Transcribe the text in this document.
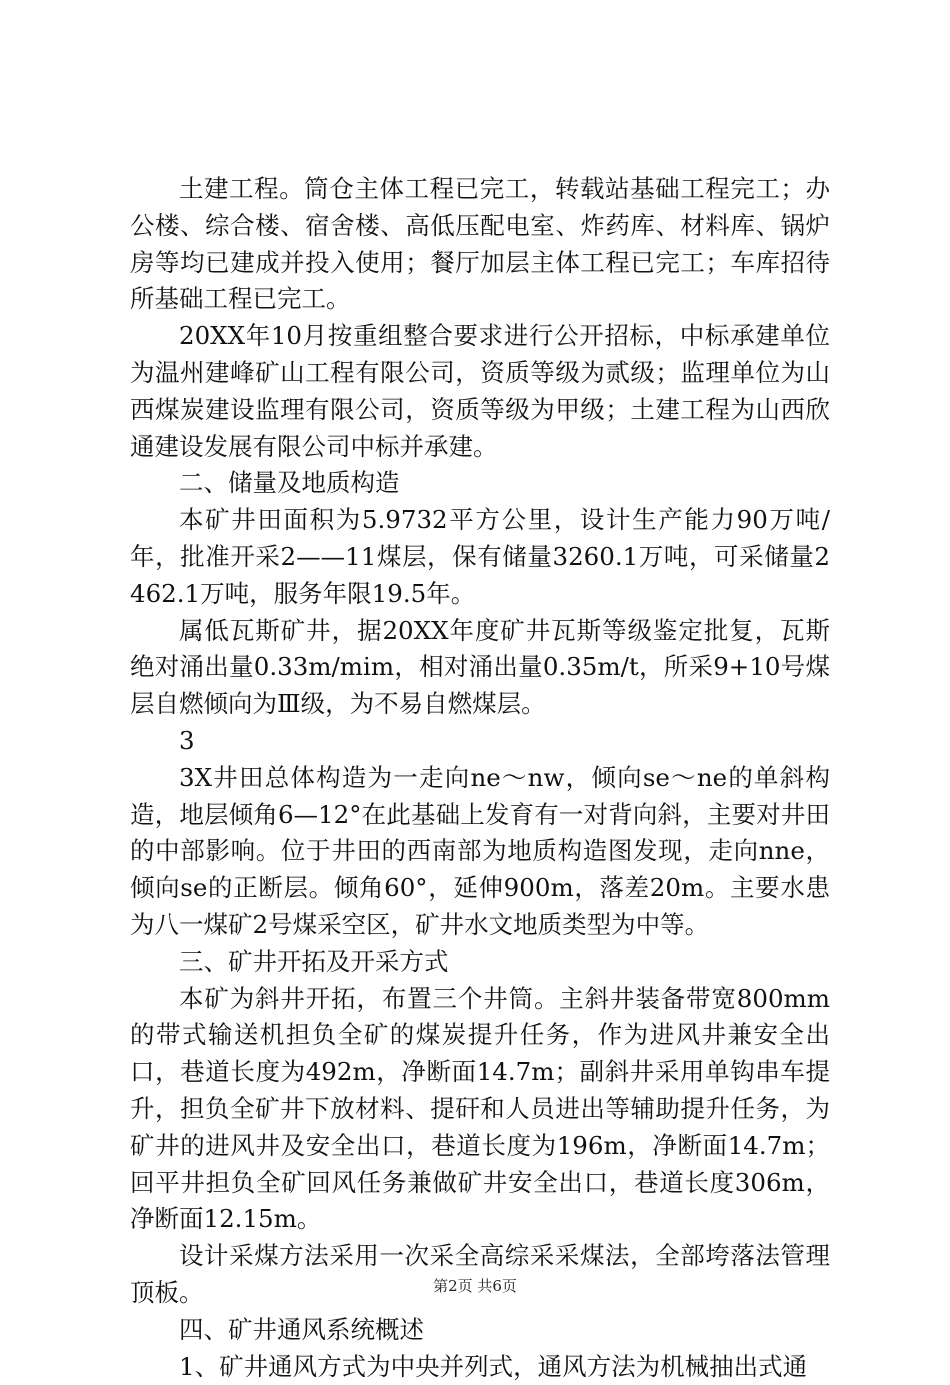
土建工程。筒仓主体工程已完工，转载站基础工程完工；办公楼、综合楼、宿舍楼、高低压配电室、炸药库、材料库、锅炉房等均已建成并投入使用；餐厅加层主体工程已完工；车库招待所基础工程已完工。

20XX年10月按重组整合要求进行公开招标，中标承建单位为温州建峰矿山工程有限公司，资质等级为贰级；监理单位为山西煤炭建设监理有限公司，资质等级为甲级；土建工程为山西欣通建设发展有限公司中标并承建。

二、储量及地质构造

本矿井田面积为5.9732平方公里，设计生产能力90万吨/年，批准开采2——11煤层，保有储量3260.1万吨，可采储量2462.1万吨，服务年限19.5年。

属低瓦斯矿井，据20XX年度矿井瓦斯等级鉴定批复，瓦斯绝对涌出量0.33m/mim，相对涌出量0.35m/t，所采9+10号煤层自燃倾向为Ⅲ级，为不易自燃煤层。

3

3X井田总体构造为一走向ne～nw，倾向se～ne的单斜构造，地层倾角6—12°在此基础上发育有一对背向斜，主要对井田的中部影响。位于井田的西南部为地质构造图发现，走向nne，倾向se的正断层。倾角60°，延伸900m，落差20m。主要水患为八一煤矿2号煤采空区，矿井水文地质类型为中等。

三、矿井开拓及开采方式

本矿为斜井开拓，布置三个井筒。主斜井装备带宽800mm的带式输送机担负全矿的煤炭提升任务，作为进风井兼安全出口，巷道长度为492m，净断面14.7m；副斜井采用单钩串车提升，担负全矿井下放材料、提矸和人员进出等辅助提升任务，为矿井的进风井及安全出口，巷道长度为196m，净断面14.7m；回平井担负全矿回风任务兼做矿井安全出口，巷道长度306m，净断面12.15m。

设计采煤方法采用一次采全高综采采煤法，全部垮落法管理顶板。

四、矿井通风系统概述

1、矿井通风方式为中央并列式，通风方法为机械抽出式通

第2页 共6页
